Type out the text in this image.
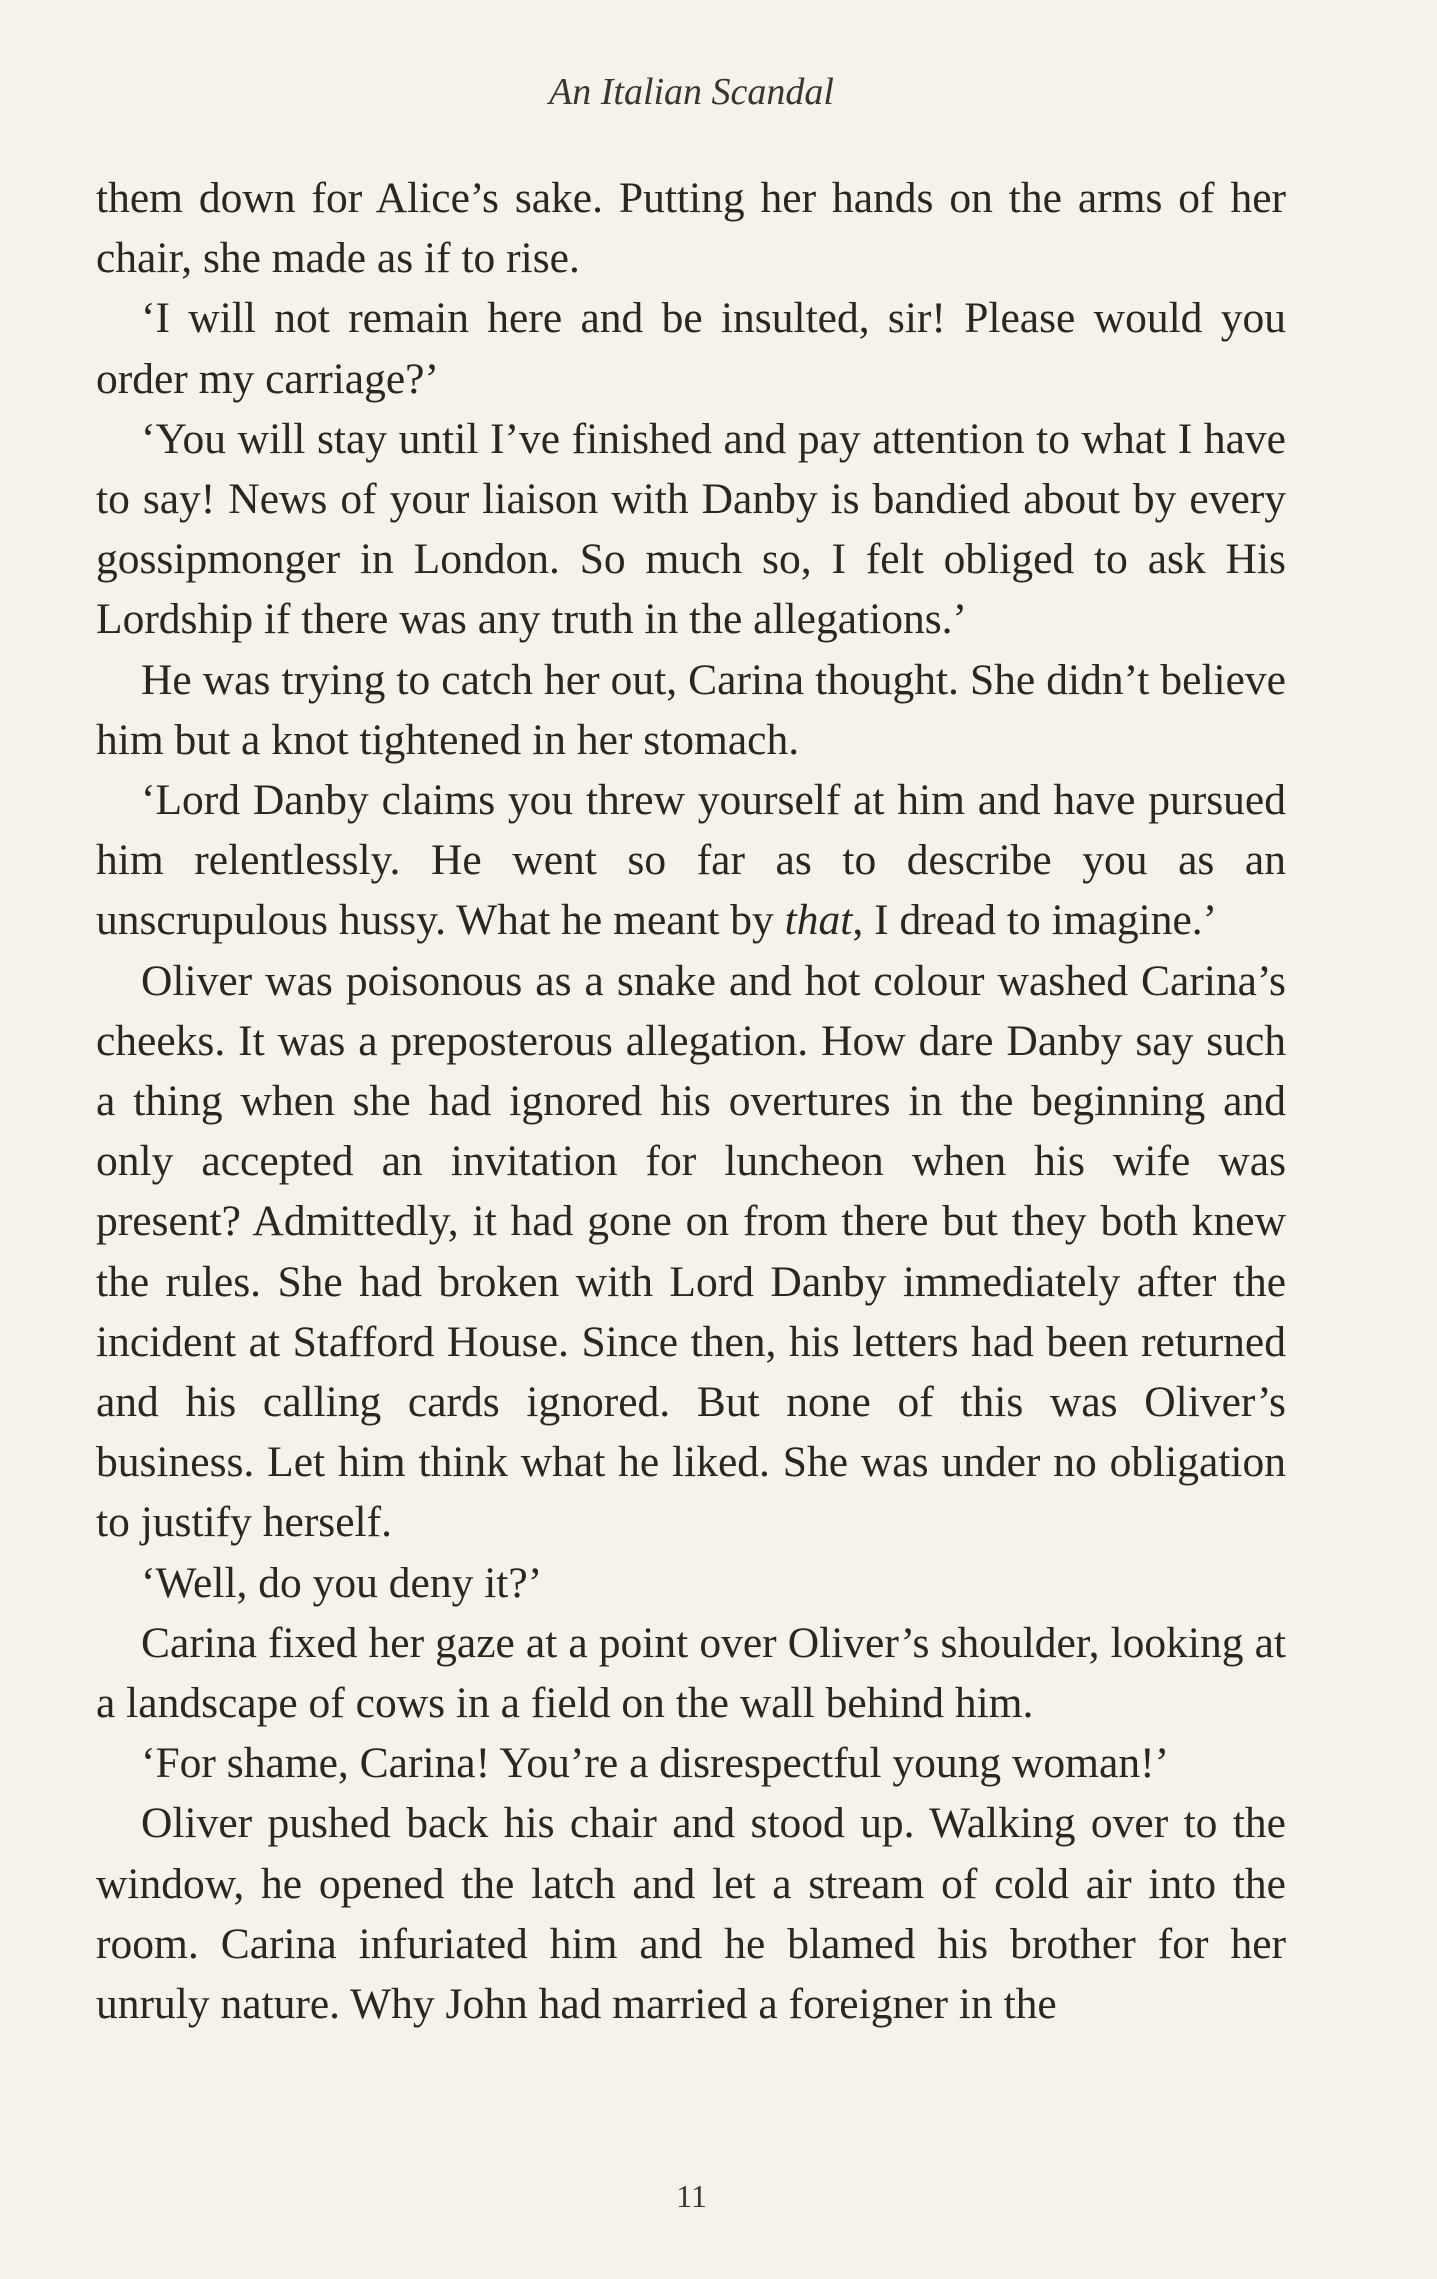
An Italian Scandal

them down for Alice’s sake. Putting her hands on the arms of her chair, she made as if to rise.

‘I will not remain here and be insulted, sir! Please would you order my carriage?’

‘You will stay until I’ve finished and pay attention to what I have to say! News of your liaison with Danby is bandied about by every gossipmonger in London. So much so, I felt obliged to ask His Lordship if there was any truth in the allegations.’

He was trying to catch her out, Carina thought. She didn’t believe him but a knot tightened in her stomach.

‘Lord Danby claims you threw yourself at him and have pursued him relentlessly. He went so far as to describe you as an unscrupulous hussy. What he meant by that, I dread to imagine.’

Oliver was poisonous as a snake and hot colour washed Carina’s cheeks. It was a preposterous allegation. How dare Danby say such a thing when she had ignored his overtures in the beginning and only accepted an invitation for luncheon when his wife was present? Admittedly, it had gone on from there but they both knew the rules. She had broken with Lord Danby immediately after the incident at Stafford House. Since then, his letters had been returned and his calling cards ignored. But none of this was Oliver’s business. Let him think what he liked. She was under no obligation to justify herself.

‘Well, do you deny it?’

Carina fixed her gaze at a point over Oliver’s shoulder, looking at a landscape of cows in a field on the wall behind him.

‘For shame, Carina! You’re a disrespectful young woman!’

Oliver pushed back his chair and stood up. Walking over to the window, he opened the latch and let a stream of cold air into the room. Carina infuriated him and he blamed his brother for her unruly nature. Why John had married a foreigner in the

11
